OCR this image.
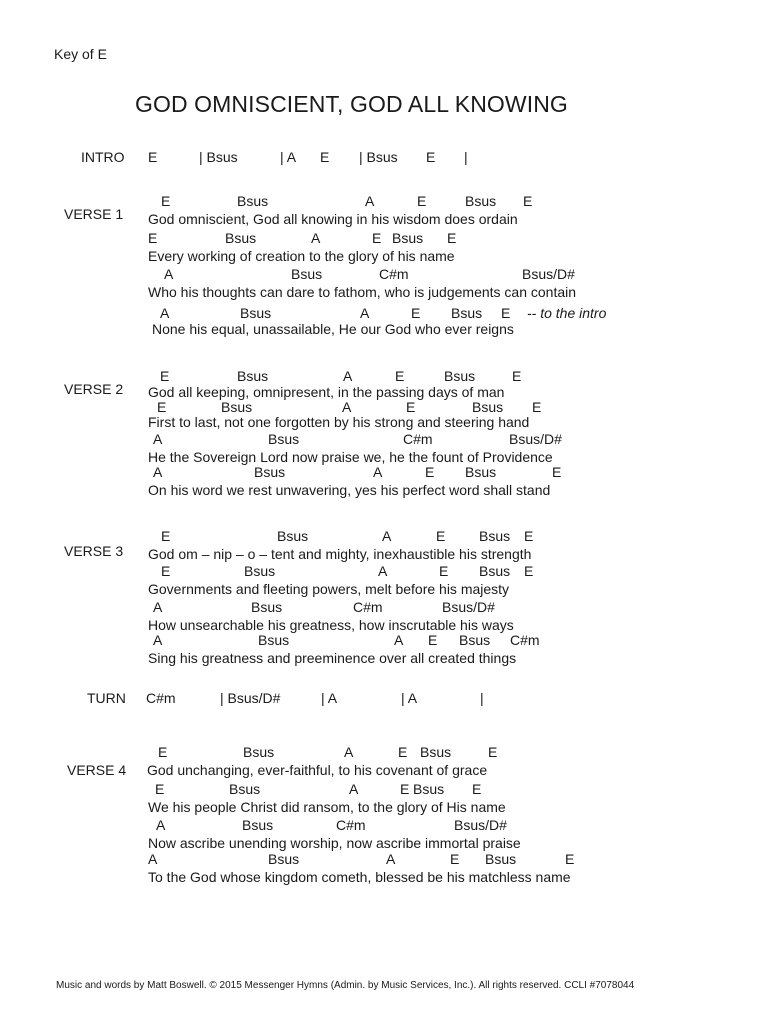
Key of E
GOD OMNISCIENT, GOD ALL KNOWING
INTRO E	| Bsus	| A E | Bsus E |
VERSE 1
E	Bsus	A	E	Bsus E
God omniscient, God all knowing in his wisdom does ordain
E	Bsus	A	E Bsus E
Every working of creation to the glory of his name
A	Bsus	C#m	Bsus/D#
Who his thoughts can dare to fathom, who is judgements can contain
A	Bsus	A	E Bsus E -- to the intro
None his equal, unassailable, He our God who ever reigns
VERSE 2
E	Bsus	A	E	Bsus	E
God all keeping, omnipresent, in the passing days of man
E	Bsus	A	E	Bsus E
First to last, not one forgotten by his strong and steering hand
A	Bsus	C#m	Bsus/D#
He the Sovereign Lord now praise we, he the fount of Providence
A	Bsus	A	E Bsus	E
On his word we rest unwavering, yes his perfect word shall stand
VERSE 3
E	Bsus	A	E Bsus E
God om – nip – o – tent and mighty, inexhaustible his strength
E	Bsus	A	E Bsus E
Governments and fleeting powers, melt before his majesty
A	Bsus	C#m	Bsus/D#
How unsearchable his greatness, how inscrutable his ways
A	Bsus	A E Bsus C#m
Sing his greatness and preeminence over all created things
TURN C#m	| Bsus/D#	| A	| A	|
VERSE 4
E	Bsus	A	E Bsus	E
God unchanging, ever-faithful, to his covenant of grace
E	Bsus	A	E Bsus E
We his people Christ did ransom, to the glory of His name
A	Bsus	C#m	Bsus/D#
Now ascribe unending worship, now ascribe immortal praise
A	Bsus	A	E Bsus	E
To the God whose kingdom cometh, blessed be his matchless name
Music and words by Matt Boswell. © 2015 Messenger Hymns (Admin. by Music Services, Inc.). All rights reserved. CCLI #7078044
